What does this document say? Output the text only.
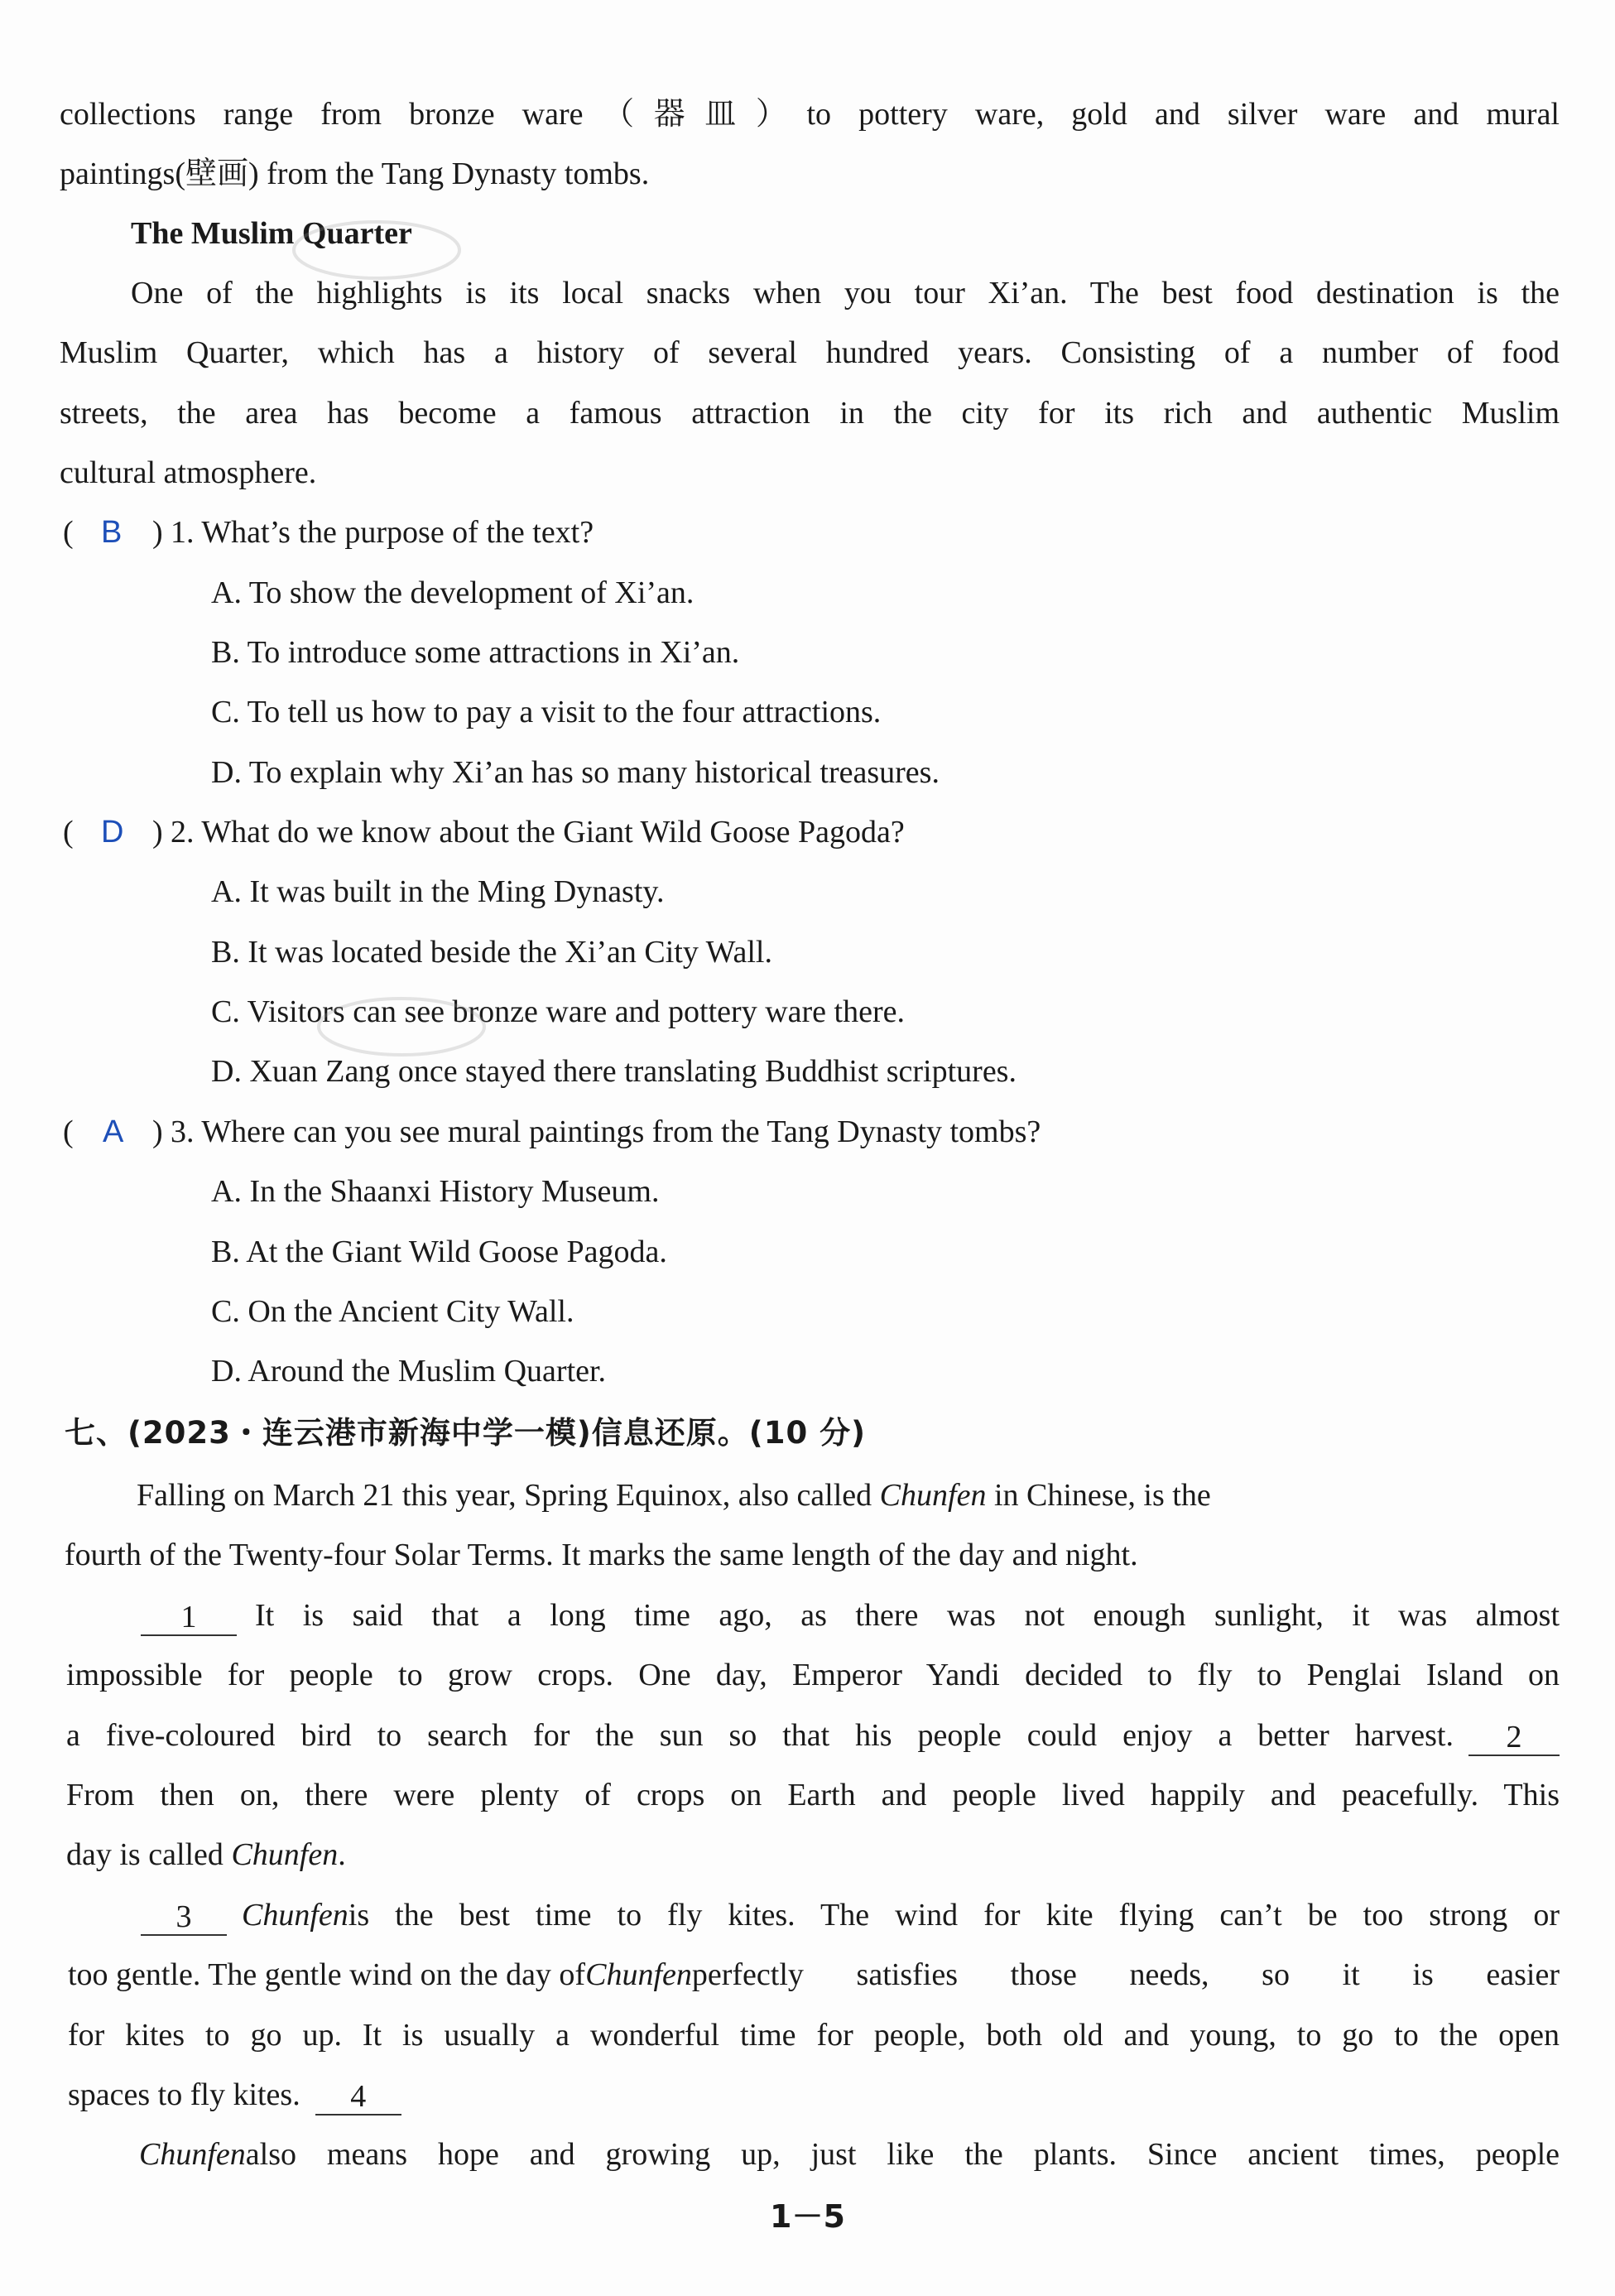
collections range from bronze ware（器皿）to pottery ware, gold and silver ware and mural
paintings(壁画) from the Tang Dynasty tombs.
The Muslim Quarter
One of the highlights is its local snacks when you tour Xi’an. The best food destination is the
Muslim Quarter, which has a history of several hundred years. Consisting of a number of food
streets, the area has become a famous attraction in the city for its rich and authentic Muslim
cultural atmosphere.
( B ) 1. What’s the purpose of the text?
A. To show the development of Xi’an.
B. To introduce some attractions in Xi’an.
C. To tell us how to pay a visit to the four attractions.
D. To explain why Xi’an has so many historical treasures.
( D ) 2. What do we know about the Giant Wild Goose Pagoda?
A. It was built in the Ming Dynasty.
B. It was located beside the Xi’an City Wall.
C. Visitors can see bronze ware and pottery ware there.
D. Xuan Zang once stayed there translating Buddhist scriptures.
( A ) 3. Where can you see mural paintings from the Tang Dynasty tombs?
A. In the Shaanxi History Museum.
B. At the Giant Wild Goose Pagoda.
C. On the Ancient City Wall.
D. Around the Muslim Quarter.
七、(2023・连云港市新海中学一模)信息还原。(10 分)
Falling on March 21 this year, Spring Equinox, also called Chunfen in Chinese, is the
fourth of the Twenty-four Solar Terms. It marks the same length of the day and night.
1	It is said that a long time ago, as there was not enough sunlight, it was almost
impossible for people to grow crops. One day, Emperor Yandi decided to fly to Penglai Island on
a five-coloured bird to search for the sun so that his people could enjoy a better harvest.	2
From then on, there were plenty of crops on Earth and people lived happily and peacefully. This
day is called Chunfen.
3	Chunfen is the best time to fly kites. The wind for kite flying can’t be too strong or
too gentle. The gentle wind on the day of Chunfen perfectly satisfies those needs, so it is easier
for kites to go up. It is usually a wonderful time for people, both old and young, to go to the open
spaces to fly kites.	4
Chunfen also means hope and growing up, just like the plants. Since ancient times, people
1－5
